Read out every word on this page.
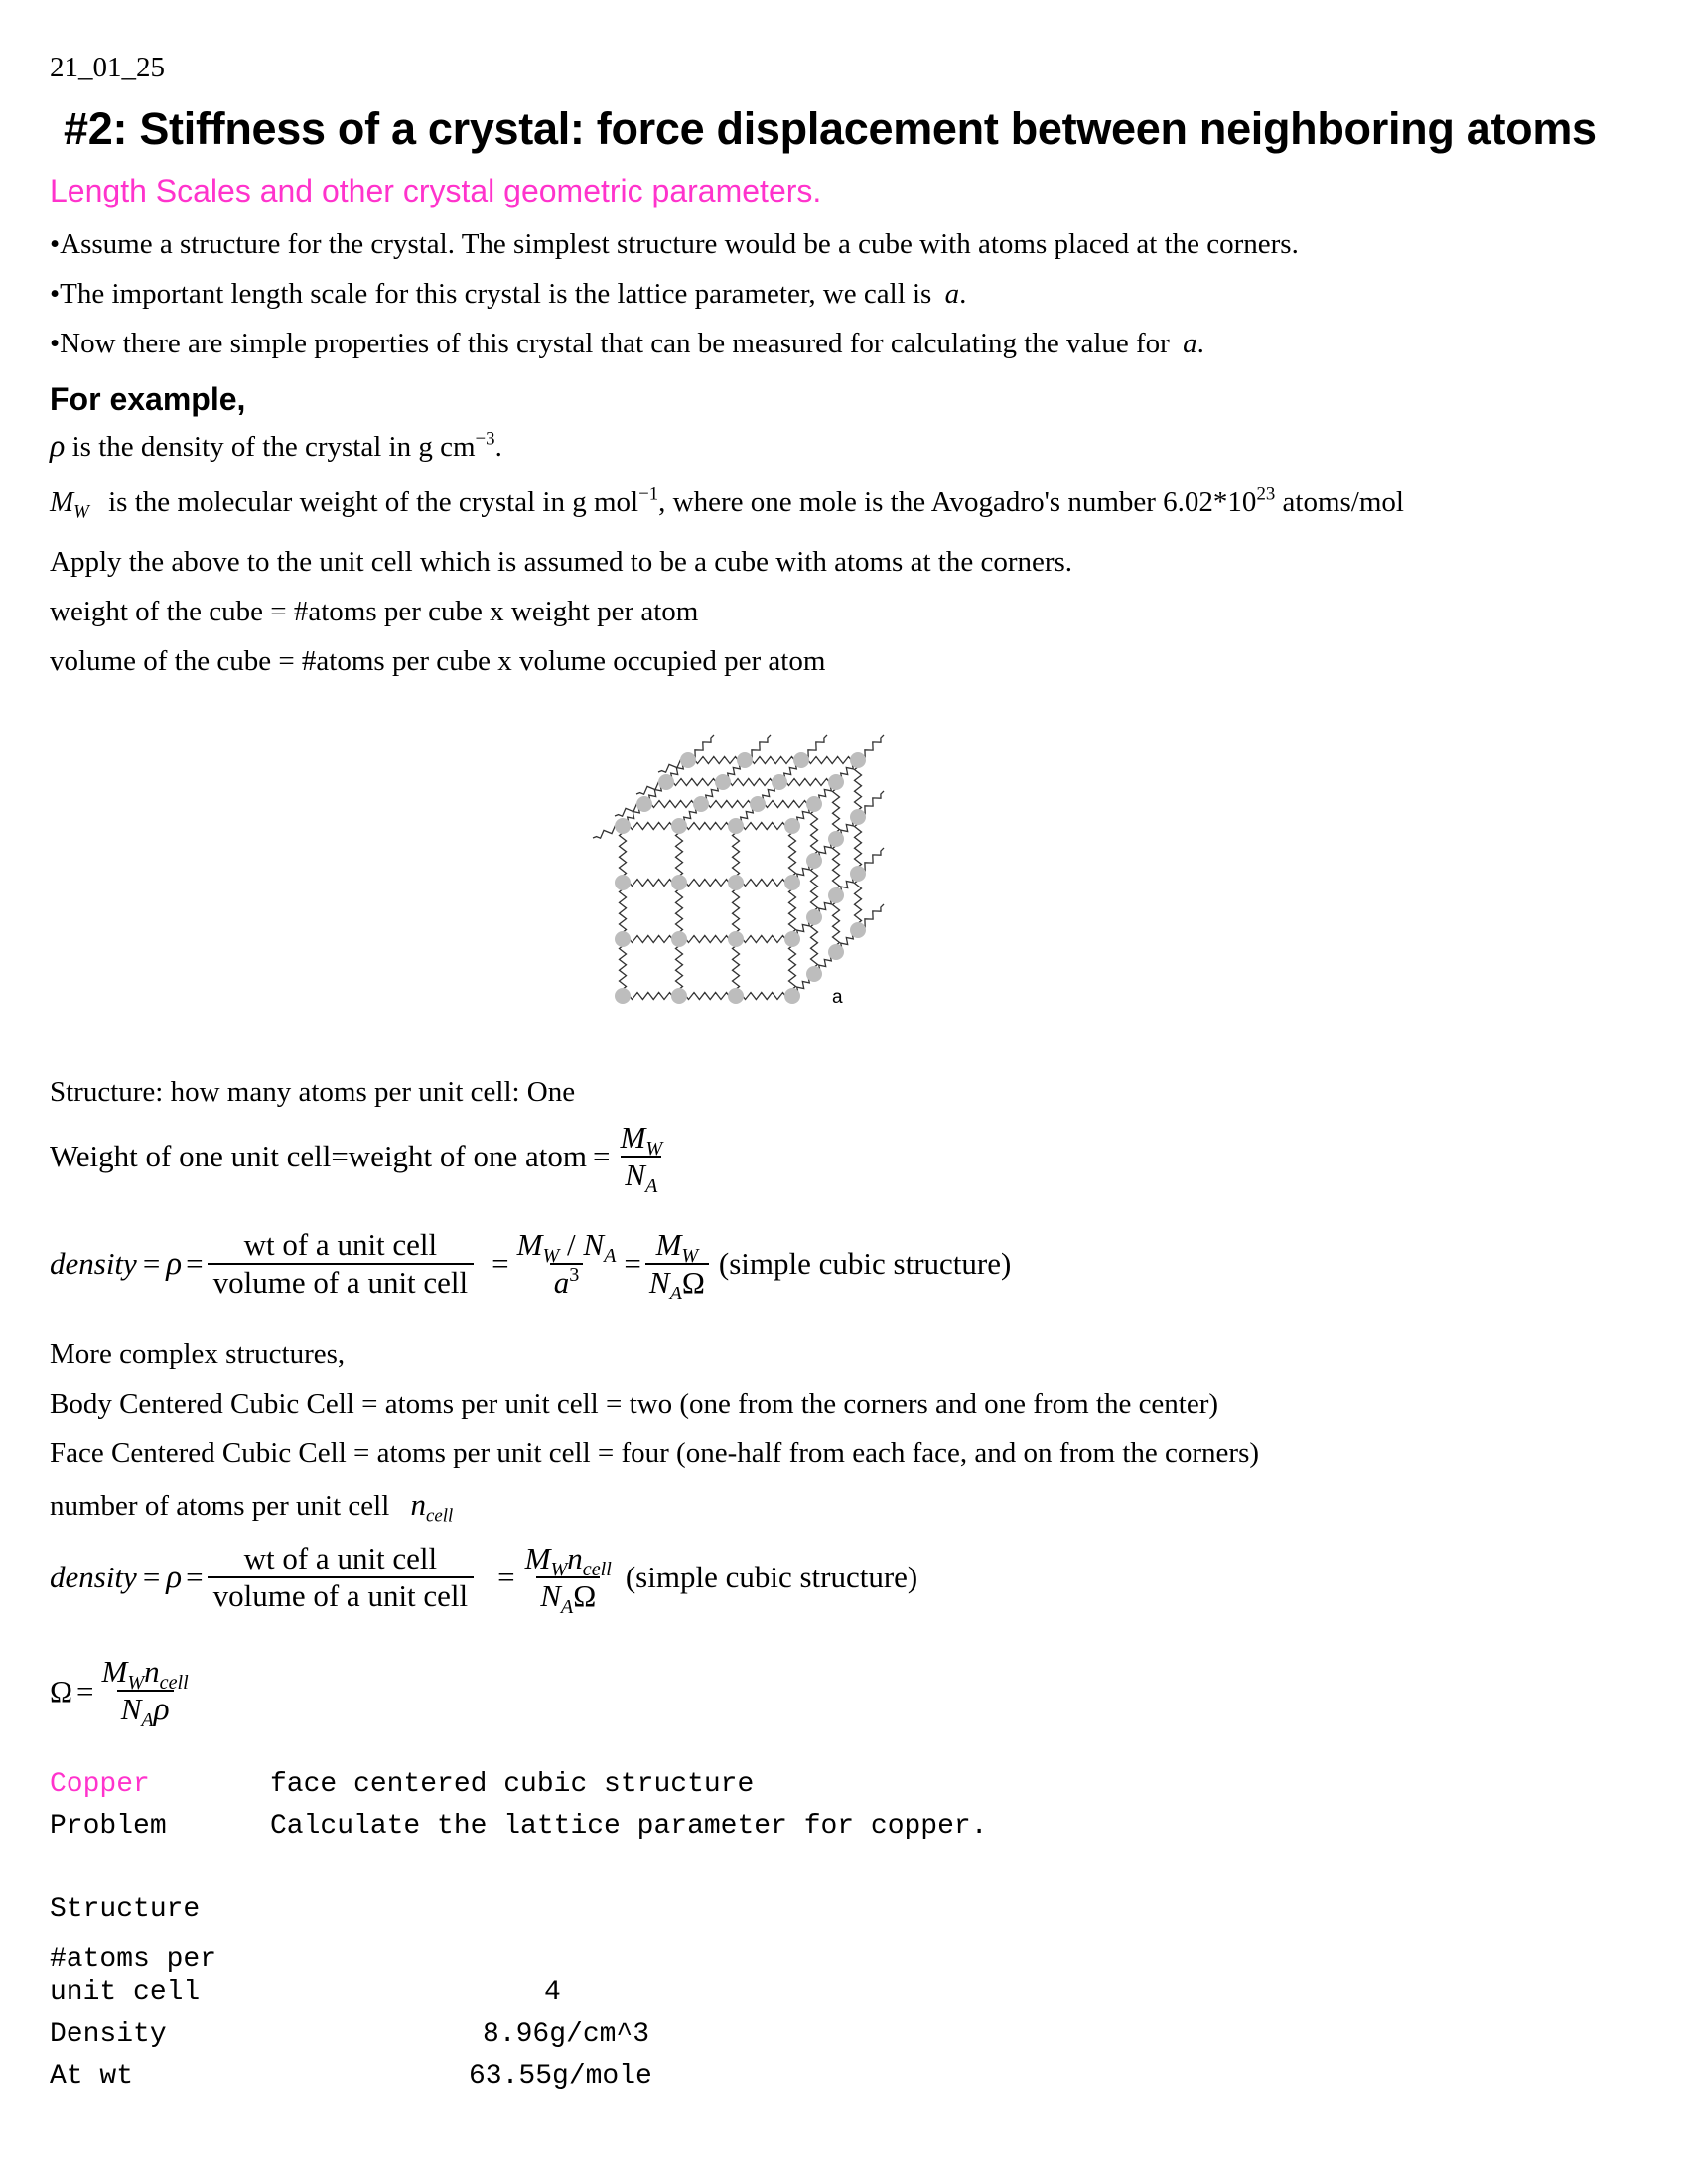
21_01_25
#2: Stiffness of a crystal: force displacement between neighboring atoms
Length Scales and other crystal geometric parameters.
•Assume a structure for the crystal. The simplest structure would be a cube with atoms placed at the corners.
•The important length scale for this crystal is the lattice parameter, we call is a.
•Now there are simple properties of this crystal that can be measured for calculating the value for a.
For example,
ρ is the density of the crystal in g $cm^{-3}$.
$M_W$ is the molecular weight of the crystal in g mol$^{-1}$, where one mole is the Avogadro's number $6.02*10^{23}$ atoms/mol
Apply the above to the unit cell which is assumed to be a cube with atoms at the corners.
weight of the cube = #atoms per cube x weight per atom
volume of the cube = #atoms per cube x volume occupied per atom
a
Structure: how many atoms per unit cell: One
Weight of one unit cell=weight of one atom = $\frac{M_W}{N_A}$
density = $\rho = \frac{\text{wt of a unit cell}}{\text{volume of a unit cell}} = \frac{M_W / N_A}{a^3} = \frac{M_W}{N_A\Omega}$ (simple cubic structure)
More complex structures,
Body Centered Cubic Cell = atoms per unit cell = two (one from the corners and one from the center)
Face Centered Cubic Cell = atoms per unit cell = four (one-half from each face, and on from the corners)
number of atoms per unit cell $n_{cell}$
density = $\rho = \frac{\text{wt of a unit cell}}{\text{volume of a unit cell}} = \frac{M_Wn_{cell}}{N_A\Omega}$ (simple cubic structure)
$\Omega = \frac{M_Wn_{cell}}{N_A\rho}$
Copper	face centered cubic structure
Problem	Calculate the lattice parameter for copper.
Structure
#atoms per
unit cell	4
Density	8.96g/cm^3
At wt	63.55g/mole
